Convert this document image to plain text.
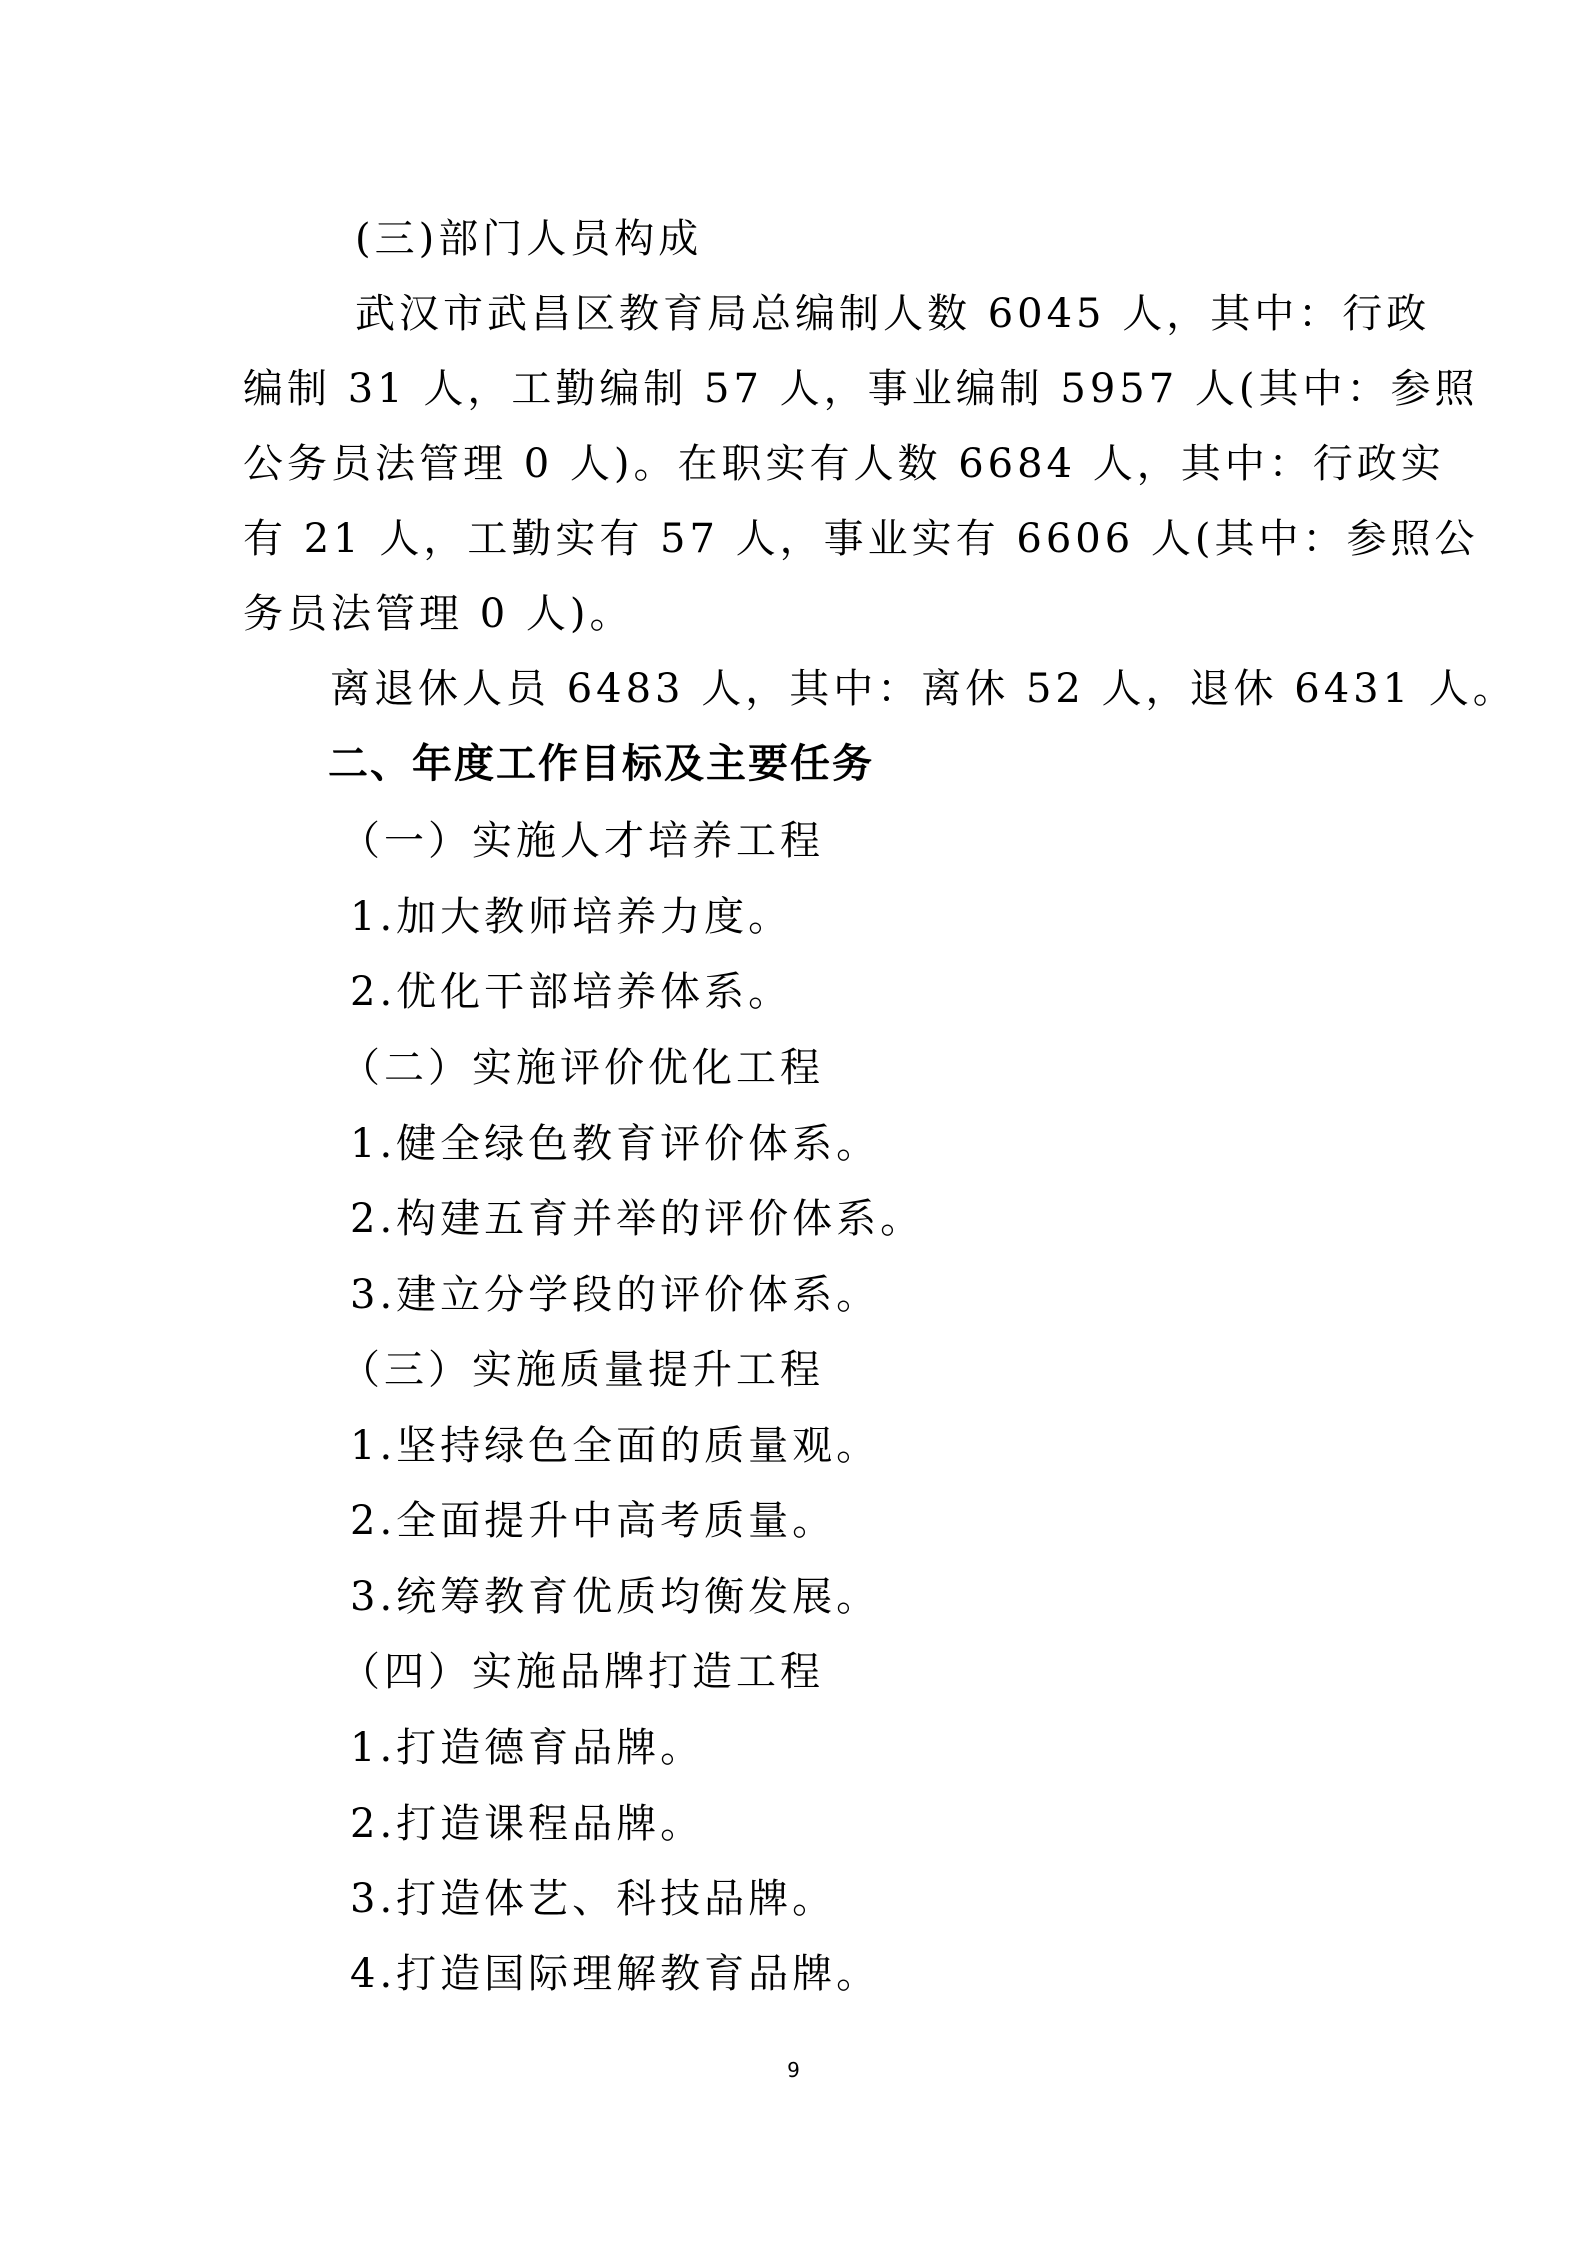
(三)部门人员构成
武汉市武昌区教育局总编制人数 6045 人，其中：行政
编制 31 人，工勤编制 57 人，事业编制 5957 人(其中：参照
公务员法管理 0 人)。在职实有人数 6684 人，其中：行政实
有 21 人，工勤实有 57 人，事业实有 6606 人(其中：参照公
务员法管理 0 人)。
离退休人员 6483 人，其中：离休 52 人，退休 6431 人。
二、年度工作目标及主要任务
（一）实施人才培养工程
1.加大教师培养力度。
2.优化干部培养体系。
（二）实施评价优化工程
1.健全绿色教育评价体系。
2.构建五育并举的评价体系。
3.建立分学段的评价体系。
（三）实施质量提升工程
1.坚持绿色全面的质量观。
2.全面提升中高考质量。
3.统筹教育优质均衡发展。
（四）实施品牌打造工程
1.打造德育品牌。
2.打造课程品牌。
3.打造体艺、科技品牌。
4.打造国际理解教育品牌。
9
